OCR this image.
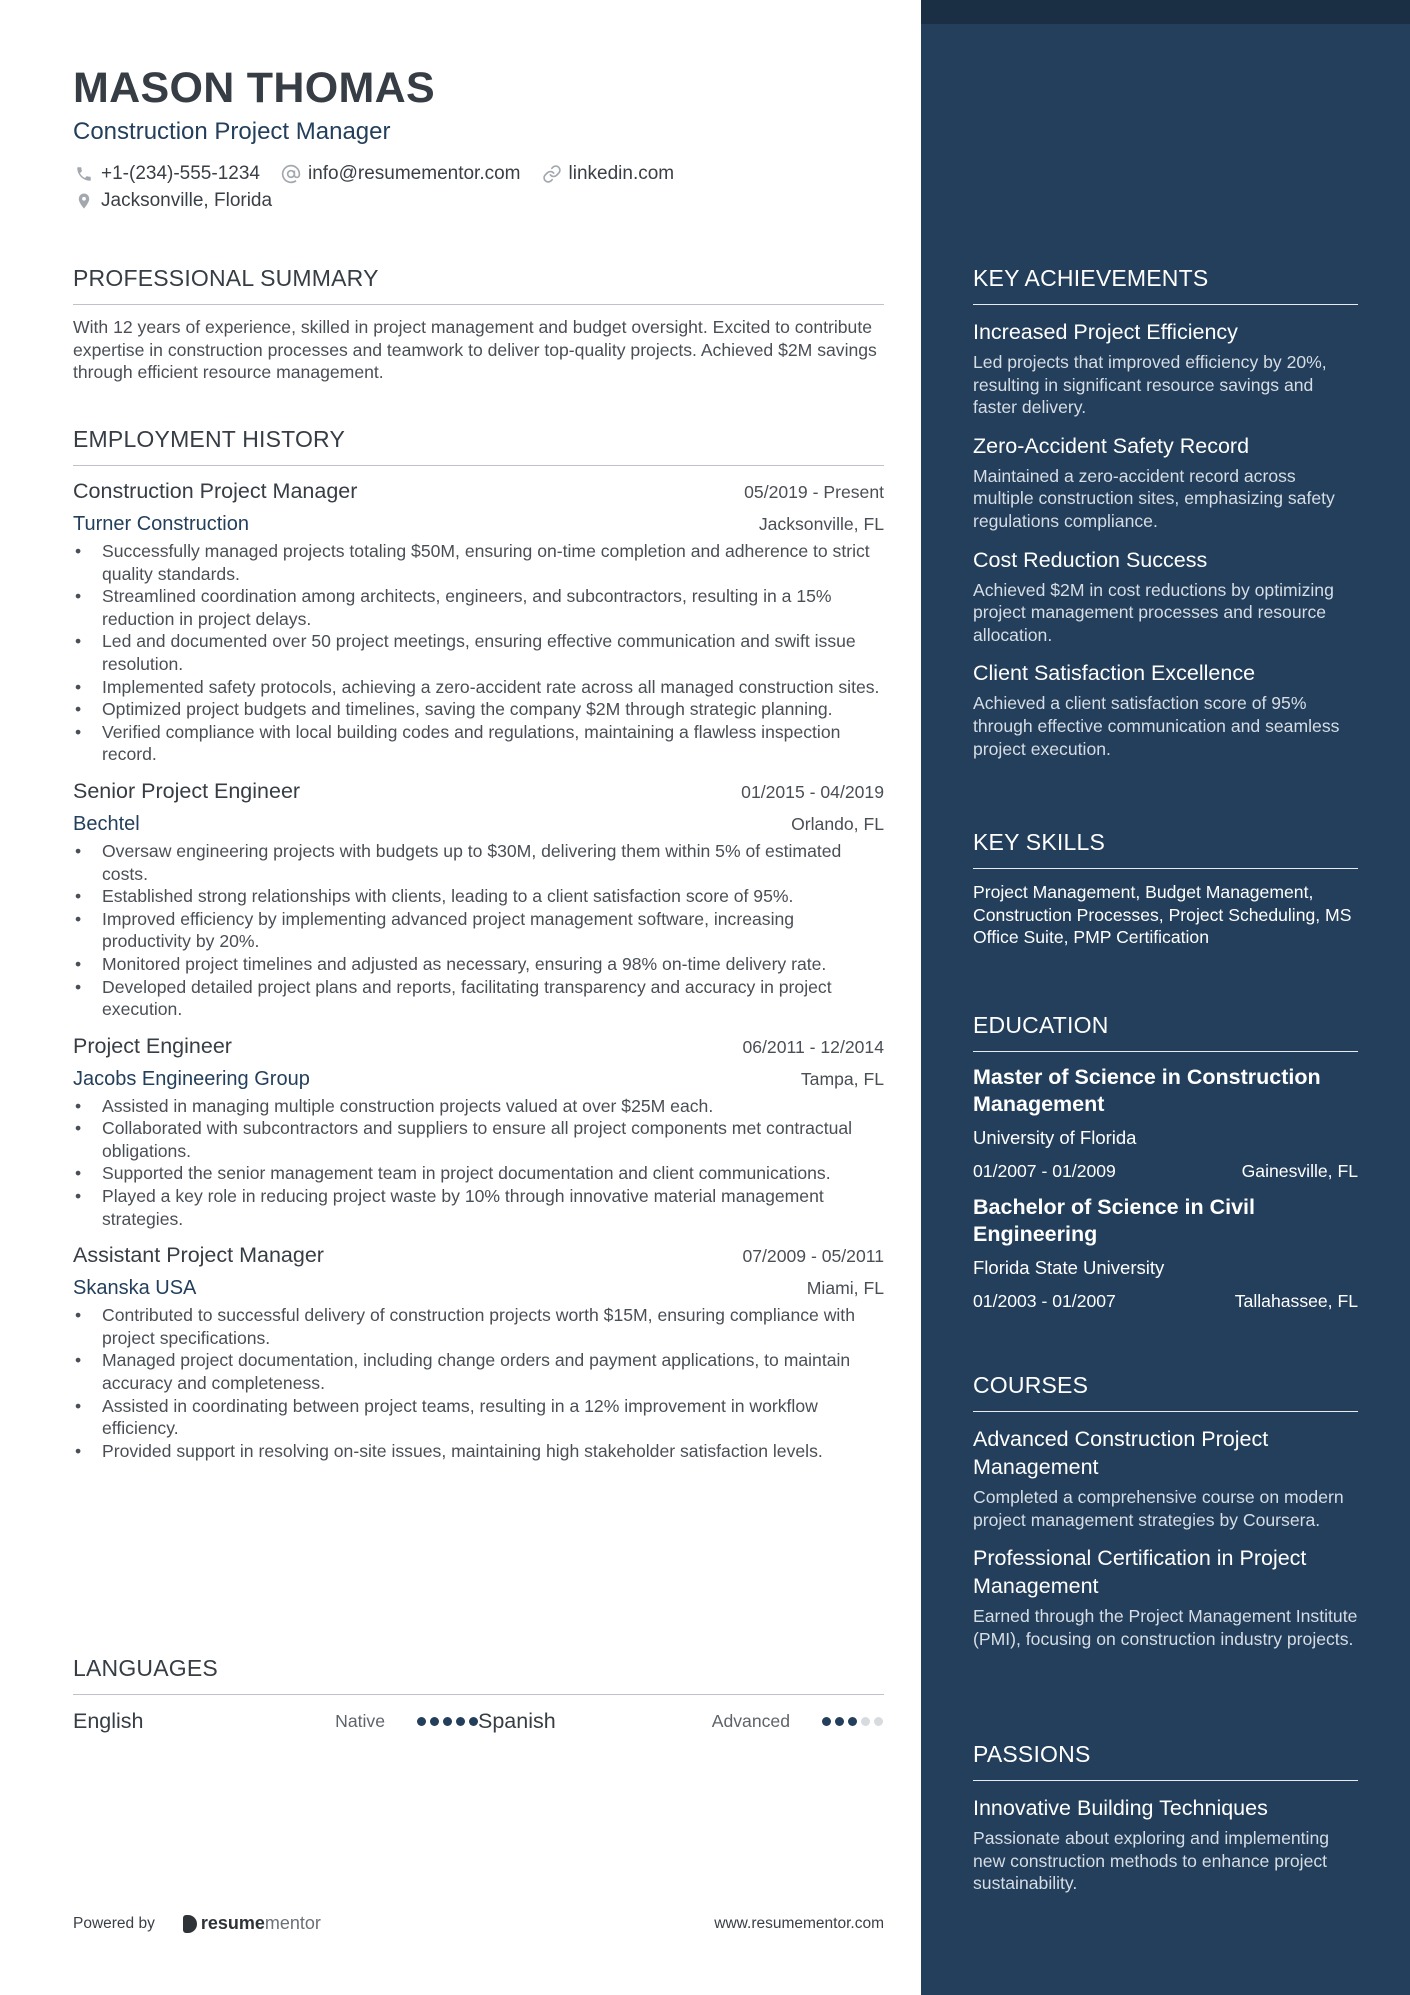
MASON THOMAS
Construction Project Manager
+1-(234)-555-1234	info@resumementor.com	linkedin.com
Jacksonville, Florida
PROFESSIONAL SUMMARY

With 12 years of experience, skilled in project management and budget oversight. Excited to contribute expertise in construction processes and teamwork to deliver top-quality projects. Achieved $2M savings through efficient resource management.

EMPLOYMENT HISTORY
Construction Project Manager	05/2019 - Present
Turner Construction	Jacksonville, FL
• Successfully managed projects totaling $50M, ensuring on-time completion and adherence to strict quality standards.
• Streamlined coordination among architects, engineers, and subcontractors, resulting in a 15% reduction in project delays.
• Led and documented over 50 project meetings, ensuring effective communication and swift issue resolution.
• Implemented safety protocols, achieving a zero-accident rate across all managed construction sites.
• Optimized project budgets and timelines, saving the company $2M through strategic planning.
• Verified compliance with local building codes and regulations, maintaining a flawless inspection record.
Senior Project Engineer	01/2015 - 04/2019
Bechtel	Orlando, FL
• Oversaw engineering projects with budgets up to $30M, delivering them within 5% of estimated costs.
• Established strong relationships with clients, leading to a client satisfaction score of 95%.
• Improved efficiency by implementing advanced project management software, increasing productivity by 20%.
• Monitored project timelines and adjusted as necessary, ensuring a 98% on-time delivery rate.
• Developed detailed project plans and reports, facilitating transparency and accuracy in project execution.
Project Engineer	06/2011 - 12/2014
Jacobs Engineering Group	Tampa, FL
• Assisted in managing multiple construction projects valued at over $25M each.
• Collaborated with subcontractors and suppliers to ensure all project components met contractual obligations.
• Supported the senior management team in project documentation and client communications.
• Played a key role in reducing project waste by 10% through innovative material management strategies.
Assistant Project Manager	07/2009 - 05/2011
Skanska USA	Miami, FL
• Contributed to successful delivery of construction projects worth $15M, ensuring compliance with project specifications.
• Managed project documentation, including change orders and payment applications, to maintain accuracy and completeness.
• Assisted in coordinating between project teams, resulting in a 12% improvement in workflow efficiency.
• Provided support in resolving on-site issues, maintaining high stakeholder satisfaction levels.
LANGUAGES
English	Native	Spanish	Advanced
Powered by	resume mentor	www.resumementor.com
KEY ACHIEVEMENTS
Increased Project Efficiency
Led projects that improved efficiency by 20%, resulting in significant resource savings and faster delivery.
Zero-Accident Safety Record
Maintained a zero-accident record across multiple construction sites, emphasizing safety regulations compliance.
Cost Reduction Success
Achieved $2M in cost reductions by optimizing project management processes and resource allocation.
Client Satisfaction Excellence
Achieved a client satisfaction score of 95% through effective communication and seamless project execution.
KEY SKILLS
Project Management, Budget Management, Construction Processes, Project Scheduling, MS Office Suite, PMP Certification
EDUCATION
Master of Science in Construction Management
University of Florida
01/2007 - 01/2009	Gainesville, FL
Bachelor of Science in Civil Engineering
Florida State University
01/2003 - 01/2007	Tallahassee, FL
COURSES
Advanced Construction Project Management
Completed a comprehensive course on modern project management strategies by Coursera.
Professional Certification in Project Management
Earned through the Project Management Institute (PMI), focusing on construction industry projects.
PASSIONS
Innovative Building Techniques
Passionate about exploring and implementing new construction methods to enhance project sustainability.
